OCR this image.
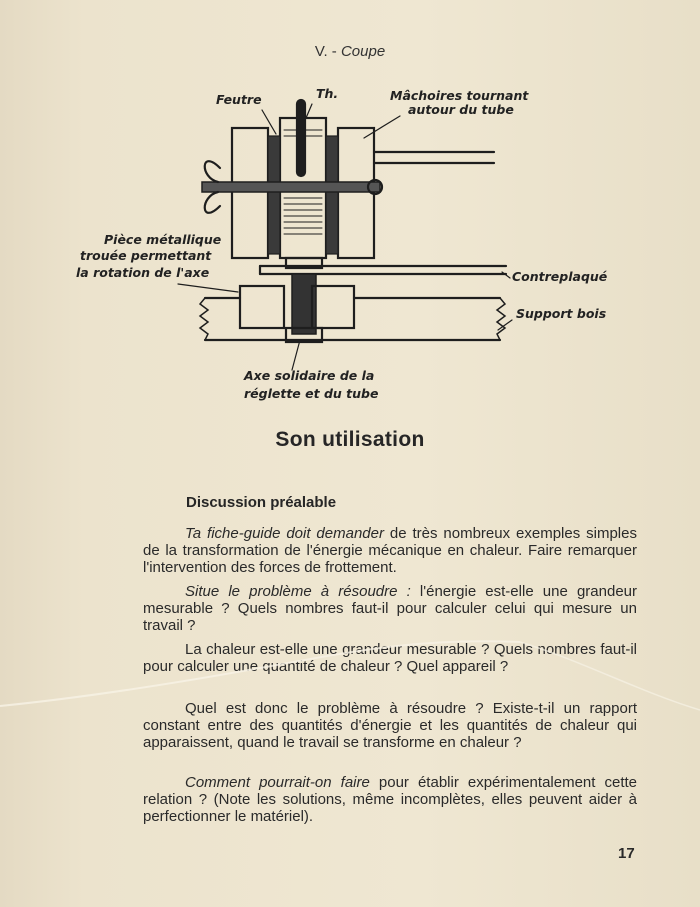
V. - Coupe
Feutre	Th.	Mâchoires tournant
autour du tube
Pièce métallique
trouée permettant
la rotation de l'axe	Contreplaqué
Support bois
Axe solidaire de la
réglette et du tube
Son utilisation
Discussion préalable

Ta fiche-guide doit demander de très nombreux exemples simples de la transformation de l'énergie mécanique en chaleur. Faire remarquer l'intervention des forces de frottement.

Situe le problème à résoudre : l'énergie est-elle une grandeur mesurable ? Quels nombres faut-il pour calculer celui qui mesure un travail ?

La chaleur est-elle une grandeur mesurable ? Quels nombres faut-il pour calculer une quantité de chaleur ? Quel appareil ?

Quel est donc le problème à résoudre ? Existe-t-il un rapport constant entre des quantités d'énergie et les quantités de chaleur qui apparaissent, quand le travail se transforme en chaleur ?

Comment pourrait-on faire pour établir expérimentalement cette relation ? (Note les solutions, même incomplètes, elles peuvent aider à perfectionner le matériel).

17
